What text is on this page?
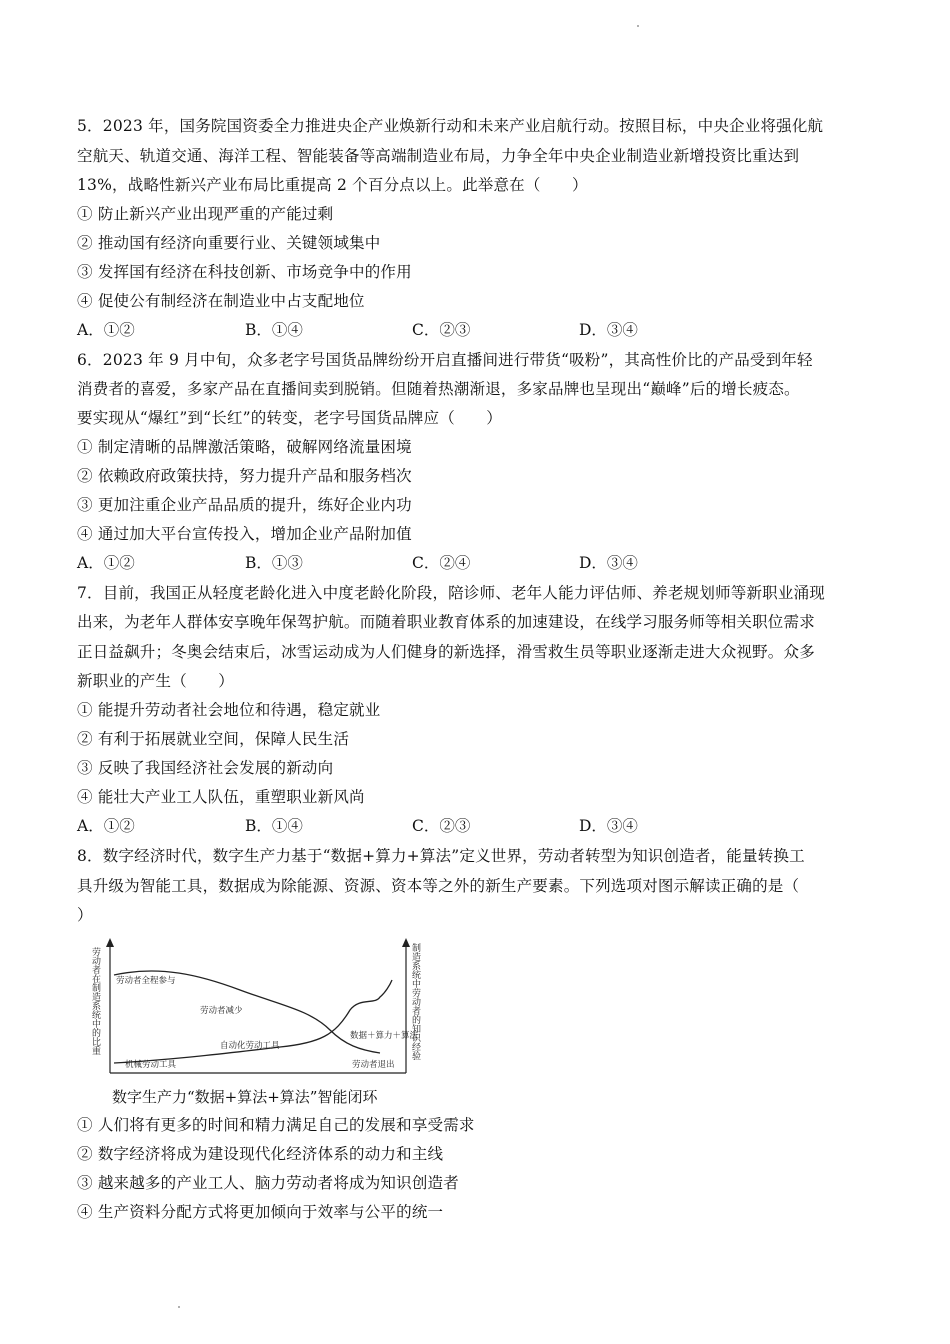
5．2023 年，国务院国资委全力推进央企产业焕新行动和未来产业启航行动。按照目标，中央企业将强化航
空航天、轨道交通、海洋工程、智能装备等高端制造业布局，力争全年中央企业制造业新增投资比重达到
13%，战略性新兴产业布局比重提高 2 个百分点以上。此举意在（　　）
① 防止新兴产业出现严重的产能过剩
② 推动国有经济向重要行业、关键领域集中
③ 发挥国有经济在科技创新、市场竞争中的作用
④ 促使公有制经济在制造业中占支配地位
A．①②	B．①④	C．②③	D．③④
6．2023 年 9 月中旬，众多老字号国货品牌纷纷开启直播间进行带货“吸粉”，其高性价比的产品受到年轻
消费者的喜爱，多家产品在直播间卖到脱销。但随着热潮渐退，多家品牌也呈现出“巅峰”后的增长疲态。
要实现从“爆红”到“长红”的转变，老字号国货品牌应（　　）
① 制定清晰的品牌激活策略，破解网络流量困境
② 依赖政府政策扶持，努力提升产品和服务档次
③ 更加注重企业产品品质的提升，练好企业内功
④ 通过加大平台宣传投入，增加企业产品附加值
A．①②	B．①③	C．②④	D．③④
7．目前，我国正从轻度老龄化进入中度老龄化阶段，陪诊师、老年人能力评估师、养老规划师等新职业涌现
出来，为老年人群体安享晚年保驾护航。而随着职业教育体系的加速建设，在线学习服务师等相关职位需求
正日益飙升；冬奥会结束后，冰雪运动成为人们健身的新选择，滑雪救生员等职业逐渐走进大众视野。众多
新职业的产生（　　）
① 能提升劳动者社会地位和待遇，稳定就业
② 有利于拓展就业空间，保障人民生活
③ 反映了我国经济社会发展的新动向
④ 能壮大产业工人队伍，重塑职业新风尚
A．①②	B．①④	C．②③	D．③④
8．数字经济时代，数字生产力基于“数据+算力+算法”定义世界，劳动者转型为知识创造者，能量转换工
具升级为智能工具，数据成为除能源、资源、资本等之外的新生产要素。下列选项对图示解读正确的是（
）
劳动者在制造系统中的比重	制造系统中劳动者的知识经验
劳动者全程参与
劳动者减少
数据＋算力＋算法
自动化劳动工具
机械劳动工具	劳动者退出
数字生产力“数据+算法+算法”智能闭环
① 人们将有更多的时间和精力满足自己的发展和享受需求
② 数字经济将成为建设现代化经济体系的动力和主线
③ 越来越多的产业工人、脑力劳动者将成为知识创造者
④ 生产资料分配方式将更加倾向于效率与公平的统一
